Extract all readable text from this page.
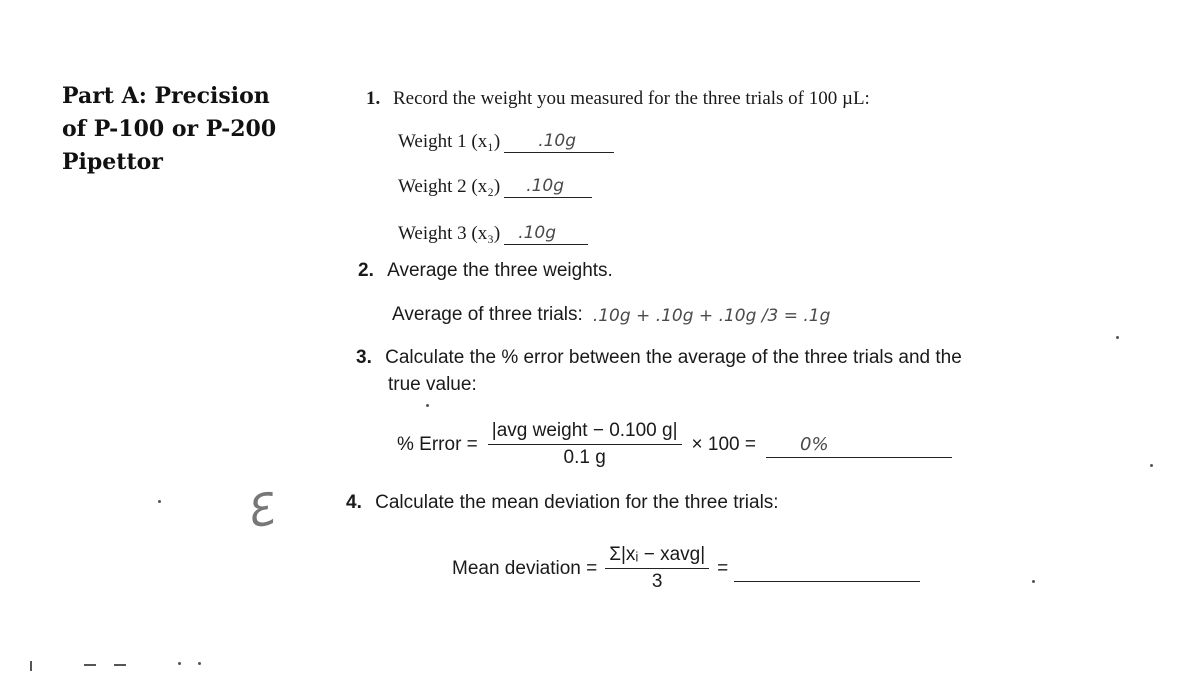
Part A: Precision of P-100 or P-200 Pipettor
1. Record the weight you measured for the three trials of 100 µL:
Weight 1 (x₁) .10g
Weight 2 (x₂) .10g
Weight 3 (x₃) .10g
2. Average the three weights.
Average of three trials: .10g + .10g + .10g /3 = .1g
3. Calculate the % error between the average of the three trials and the
true value:
% Error = $\frac{\text{|avg weight − 0.100 g|}}{0.1 g} \times 100 = 0\%$
4. Calculate the mean deviation for the three trials:
Mean deviation = $\frac{\text{Σ|xᵢ − xavg|}}{3}$ =
Ɛ
